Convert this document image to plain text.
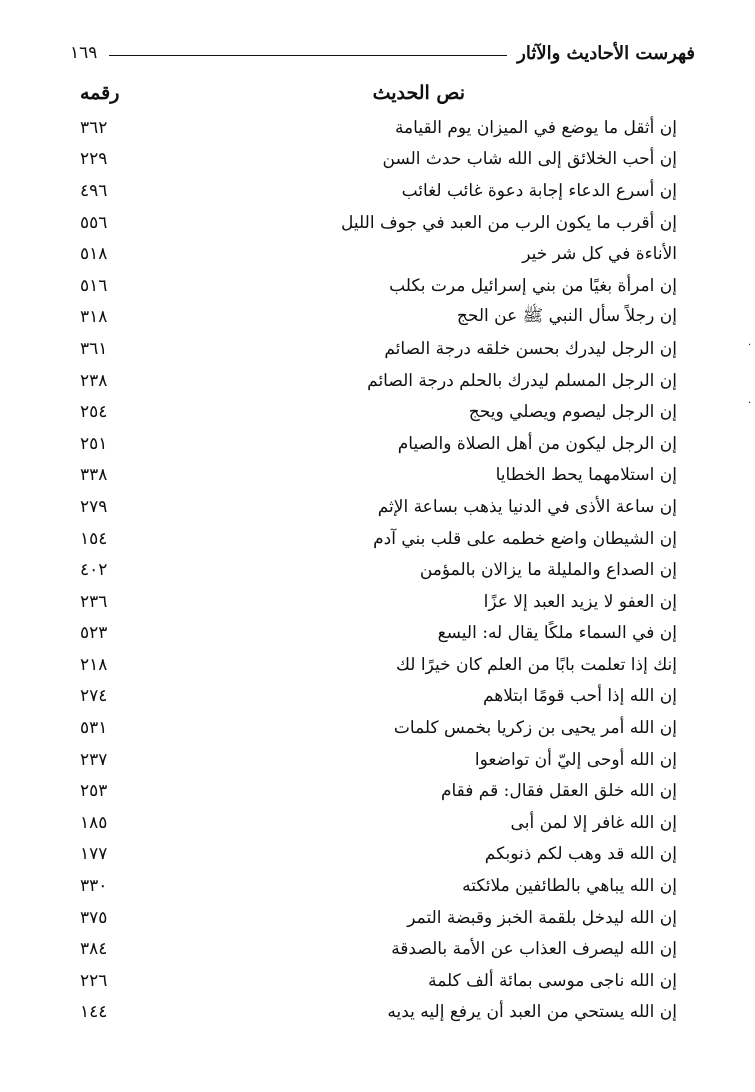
فهرست الأحاديث والآثار
١٦٩
نص الحديث
رقمه
إن أثقل ما يوضع في الميزان يوم القيامة
٣٦٢
إن أحب الخلائق إلى الله شاب حدث السن
٢٢٩
إن أسرع الدعاء إجابة دعوة غائب لغائب
٤٩٦
إن أقرب ما يكون الرب من العبد في جوف الليل
٥٥٦
الأناءة في كل شر خير
٥١٨
إن امرأة بغيًا من بني إسرائيل مرت بكلب
٥١٦
إن رجلاً سأل النبي ﷺ عن الحج
٣١٨
إن الرجل ليدرك بحسن خلقه درجة الصائم
٣٦١
إن الرجل المسلم ليدرك بالحلم درجة الصائم
٢٣٨
إن الرجل ليصوم ويصلي ويحج
٢٥٤
إن الرجل ليكون من أهل الصلاة والصيام
٢٥١
إن استلامهما يحط الخطايا
٣٣٨
إن ساعة الأذى في الدنيا يذهب بساعة الإثم
٢٧٩
إن الشيطان واضع خطمه على قلب بني آدم
١٥٤
إن الصداع والمليلة ما يزالان بالمؤمن
٤٠٢
إن العفو لا يزيد العبد إلا عزًا
٢٣٦
إن في السماء ملكًا يقال له: اليسع
٥٢٣
إنك إذا تعلمت بابًا من العلم كان خيرًا لك
٢١٨
إن الله إذا أحب قومًا ابتلاهم
٢٧٤
إن الله أمر يحيى بن زكريا بخمس كلمات
٥٣١
إن الله أوحى إليّ أن تواضعوا
٢٣٧
إن الله خلق العقل فقال: قم فقام
٢٥٣
إن الله غافر إلا لمن أبى
١٨٥
إن الله قد وهب لكم ذنوبكم
١٧٧
إن الله يباهي بالطائفين ملائكته
٣٣٠
إن الله ليدخل بلقمة الخبز وقبضة التمر
٣٧٥
إن الله ليصرف العذاب عن الأمة بالصدقة
٣٨٤
إن الله ناجى موسى بمائة ألف كلمة
٢٢٦
إن الله يستحي من العبد أن يرفع إليه يديه
١٤٤
·
·
